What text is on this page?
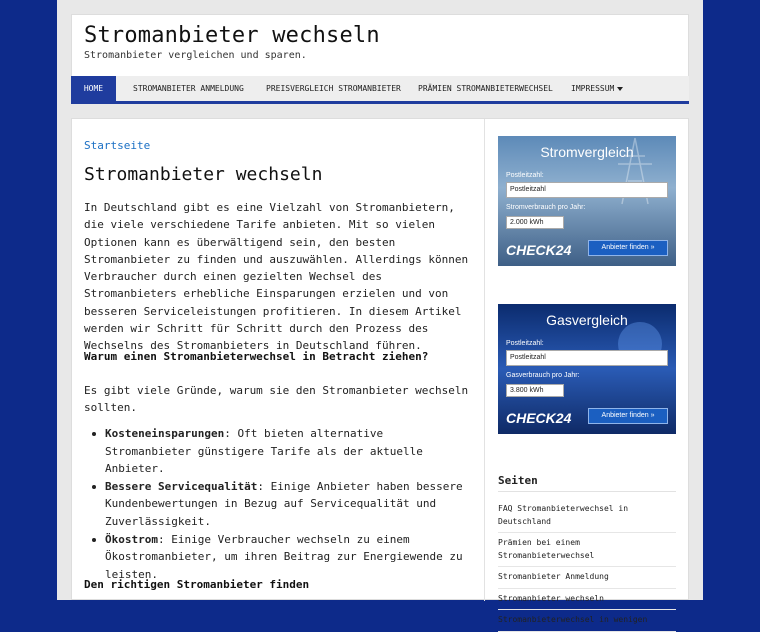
Stromanbieter wechseln
Stromanbieter vergleichen und sparen.
HOME	STROMANBIETER ANMELDUNG	PREISVERGLEICH STROMANBIETER PRÄMIEN STROMANBIETERWECHSEL IMPRESSUM
Startseite
Stromanbieter wechseln
In Deutschland gibt es eine Vielzahl von Stromanbietern, die viele verschiedene Tarife anbieten. Mit so vielen Optionen kann es überwältigend sein, den besten Stromanbieter zu finden und auszuwählen. Allerdings können Verbraucher durch einen gezielten Wechsel des Stromanbieters erhebliche Einsparungen erzielen und von besseren Serviceleistungen profitieren. In diesem Artikel werden wir Schritt für Schritt durch den Prozess des Wechselns des Stromanbieters in Deutschland führen.
Warum einen Stromanbieterwechsel in Betracht ziehen?
Es gibt viele Gründe, warum sie den Stromanbieter wechseln sollten.
Kosteneinsparungen: Oft bieten alternative Stromanbieter günstigere Tarife als der aktuelle Anbieter.
Bessere Servicequalität: Einige Anbieter haben bessere Kundenbewertungen in Bezug auf Servicequalität und Zuverlässigkeit.
Ökostrom: Einige Verbraucher wechseln zu einem Ökostromanbieter, um ihren Beitrag zur Energiewende zu leisten.
Den richtigen Stromanbieter finden
Stromvergleich
Postleitzahl:
Postleitzahl
Stromverbrauch pro Jahr:
2.000 kWh
CHECK24	Anbieter finden »
Gasvergleich
Postleitzahl:
Postleitzahl
Gasverbrauch pro Jahr:
3.800 kWh
CHECK24	Anbieter finden »
Seiten
FAQ Stromanbieterwechsel in Deutschland
Prämien bei einem Stromanbieterwechsel
Stromanbieter Anmeldung
Stromanbieter wechseln
Stromanbieterwechsel in wenigen
